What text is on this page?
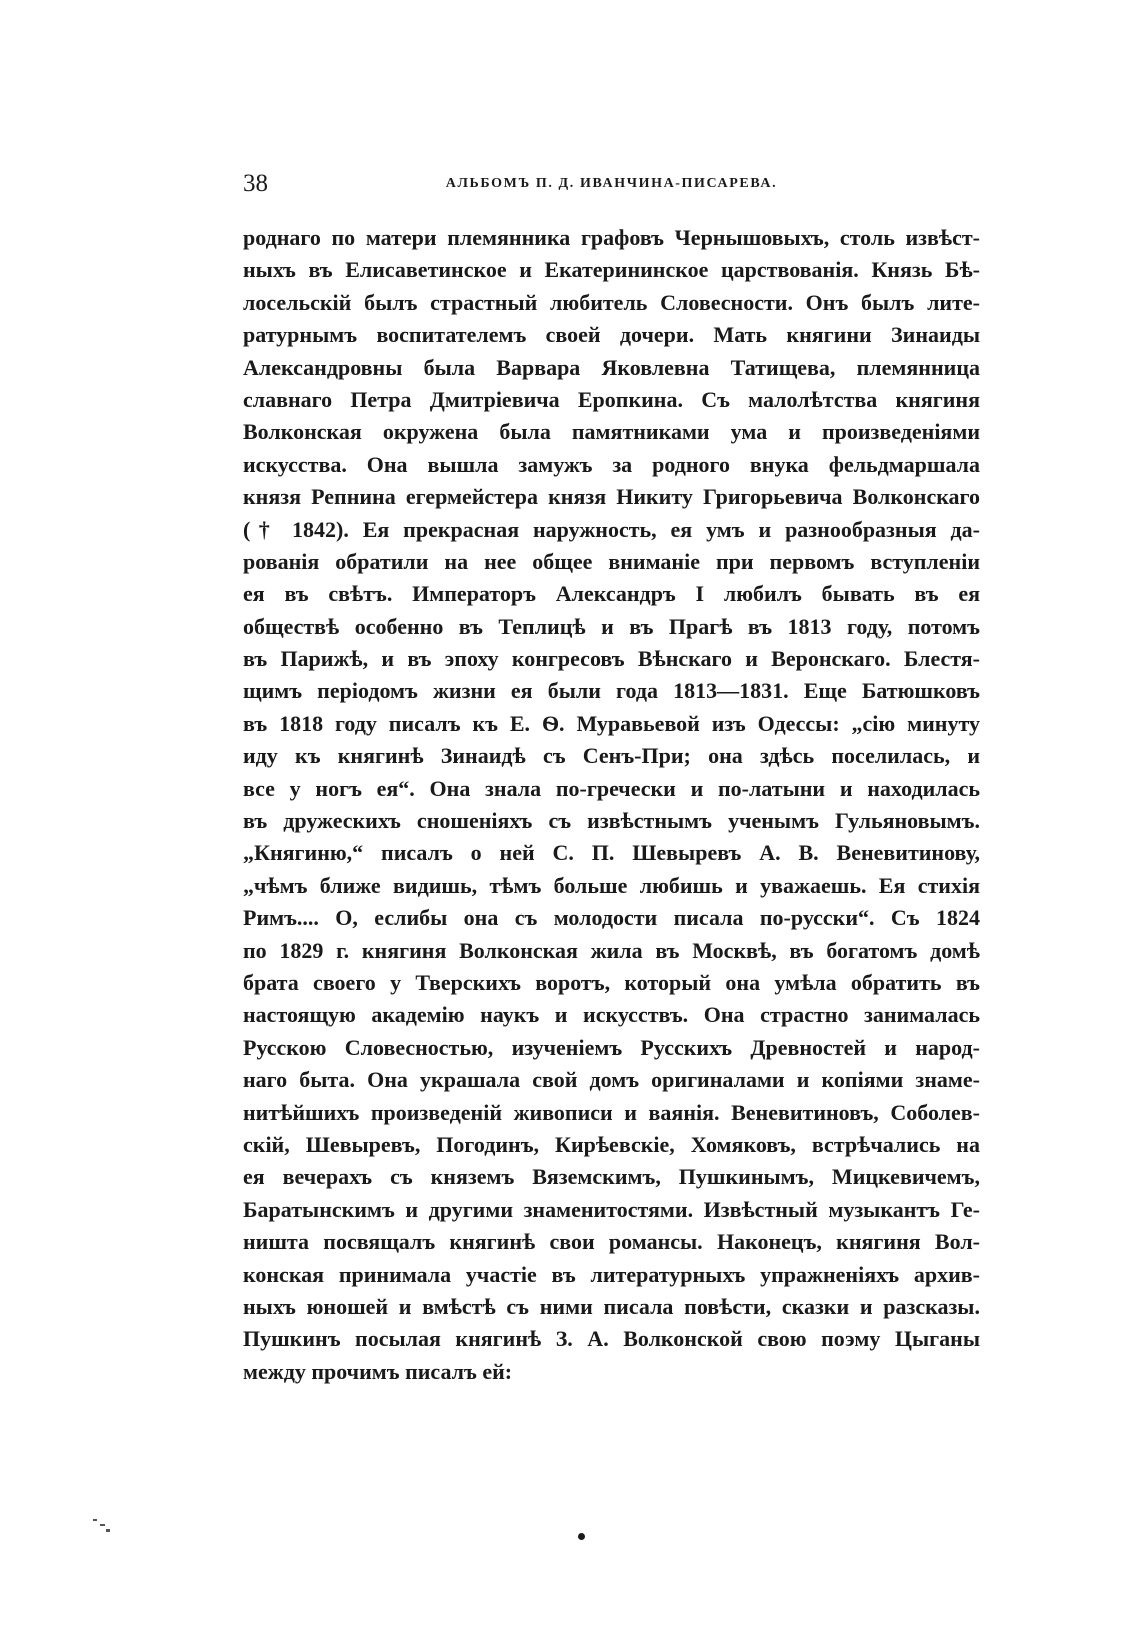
38	АЛЬБОМЪ П. Д. ИВАНЧИНА-ПИСАРЕВА.
роднаго по матери племянника графовъ Чернышовыхъ, столь извѣст-
ныхъ въ Елисаветинское и Екатерининское царствованія. Князь Бѣ-
лосельскій былъ страстный любитель Словесности. Онъ былъ лите-
ратурнымъ воспитателемъ своей дочери. Мать княгини Зинаиды
Александровны была Варвара Яковлевна Татищева, племянница
славнаго Петра Дмитріевича Еропкина. Съ малолѣтства княгиня
Волконская окружена была памятниками ума и произведеніями
искусства. Она вышла замужъ за родного внука фельдмаршала
князя Репнина егермейстера князя Никиту Григорьевича Волконскаго
(† 1842). Ея прекрасная наружность, ея умъ и разнообразныя да-
рованія обратили на нее общее вниманіе при первомъ вступленіи
ея въ свѣтъ. Императоръ Александръ I любилъ бывать въ ея
обществѣ особенно въ Теплицѣ и въ Прагѣ въ 1813 году, потомъ
въ Парижѣ, и въ эпоху конгресовъ Вѣнскаго и Веронскаго. Блестя-
щимъ періодомъ жизни ея были года 1813—1831. Еще Батюшковъ
въ 1818 году писалъ къ Е. Ѳ. Муравьевой изъ Одессы: „сію минуту
иду къ княгинѣ Зинаидѣ съ Сенъ-При; она здѣсь поселилась, и
все у ногъ ея“. Она знала по-гречески и по-латыни и находилась
въ дружескихъ сношеніяхъ съ извѣстнымъ ученымъ Гульяновымъ.
„Княгиню,“ писалъ о ней С. П. Шевыревъ А. В. Веневитинову,
„чѣмъ ближе видишь, тѣмъ больше любишь и уважаешь. Ея стихія
Римъ.... О, еслибы она съ молодости писала по-русски“. Съ 1824
по 1829 г. княгиня Волконская жила въ Москвѣ, въ богатомъ домѣ
брата своего у Тверскихъ воротъ, который она умѣла обратить въ
настоящую академію наукъ и искусствъ. Она страстно занималась
Русскою Словесностью, изученіемъ Русскихъ Древностей и народ-
наго быта. Она украшала свой домъ оригиналами и копіями знаме-
нитѣйшихъ произведеній живописи и ваянія. Веневитиновъ, Соболев-
скій, Шевыревъ, Погодинъ, Кирѣевскіе, Хомяковъ, встрѣчались на
ея вечерахъ съ княземъ Вяземскимъ, Пушкинымъ, Мицкевичемъ,
Баратынскимъ и другими знаменитостями. Извѣстный музыкантъ Ге-
ништа посвящалъ княгинѣ свои романсы. Наконецъ, княгиня Вол-
конская принимала участіе въ литературныхъ упражненіяхъ архив-
ныхъ юношей и вмѣстѣ съ ними писала повѣсти, сказки и разсказы.
Пушкинъ посылая княгинѣ З. А. Волконской свою поэму Цыганы
между прочимъ писалъ ей:
